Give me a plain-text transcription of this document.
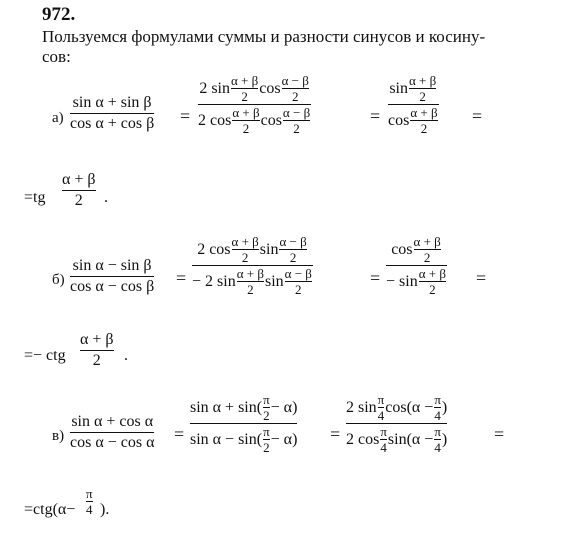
972.
Пользуемся формулами суммы и разности синусов и косину-
сов:
а)
sin α + sin β
cos α + cos β =
2 sin α + β
2 cos α − β
2
2 cos α + β
2 cos α − β
2
=
sin α + β
2
cos α + β
2
=
=tg
α + β
2 .
б)
sin α − sin β
cos α − cos β =
2 cos α + β
2 sin α − β
2
− 2 sin α + β
2 sin α − β
2
=
cos α + β
2
− sin α + β
2
=
=− ctg
α + β
2 .
в)
sin α + cos α
cos α − cos α =
sin α + sin( π
2 − α)
sin α − sin( π
2 − α) =
2 sin π
4 cos(α − π
4 )
2 cos π
4 sin(α − π
4 )	=
=ctg(α−
π
4 ).
